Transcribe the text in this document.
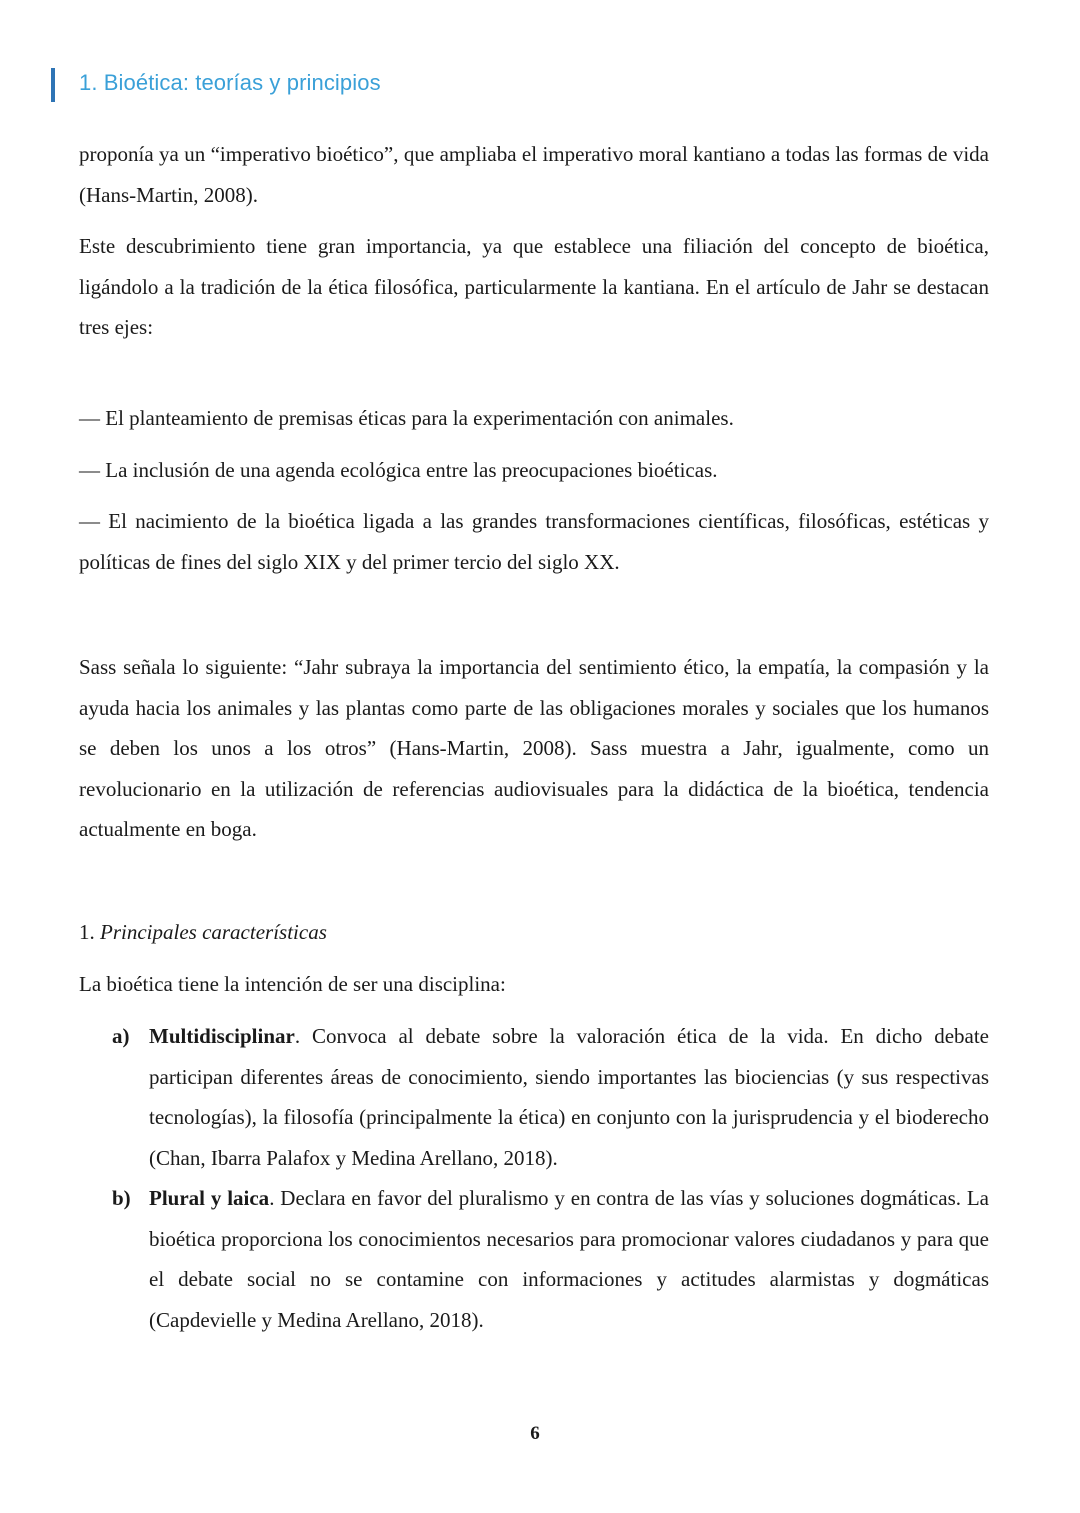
1. Bioética: teorías y principios

proponía ya un “imperativo bioético”, que ampliaba el imperativo moral kantiano a todas las formas de vida (Hans-Martin, 2008).

Este descubrimiento tiene gran importancia, ya que establece una filiación del concepto de bioética, ligándolo a la tradición de la ética filosófica, particularmente la kantiana. En el artículo de Jahr se destacan tres ejes:

— El planteamiento de premisas éticas para la experimentación con animales.

— La inclusión de una agenda ecológica entre las preocupaciones bioéticas.

— El nacimiento de la bioética ligada a las grandes transformaciones científicas, filosóficas, estéticas y políticas de fines del siglo XIX y del primer tercio del siglo XX.

Sass señala lo siguiente: “Jahr subraya la importancia del sentimiento ético, la empatía, la compasión y la ayuda hacia los animales y las plantas como parte de las obligaciones morales y sociales que los humanos se deben los unos a los otros” (Hans-Martin, 2008). Sass muestra a Jahr, igualmente, como un revolucionario en la utilización de referencias audiovisuales para la didáctica de la bioética, tendencia actualmente en boga.

1. Principales características

La bioética tiene la intención de ser una disciplina:

a) Multidisciplinar. Convoca al debate sobre la valoración ética de la vida. En dicho debate participan diferentes áreas de conocimiento, siendo importantes las biociencias (y sus respectivas tecnologías), la filosofía (principalmente la ética) en conjunto con la jurisprudencia y el bioderecho (Chan, Ibarra Palafox y Medina Arellano, 2018).
b) Plural y laica. Declara en favor del pluralismo y en contra de las vías y soluciones dogmáticas. La bioética proporciona los conocimientos necesarios para promocionar valores ciudadanos y para que el debate social no se contamine con informaciones y actitudes alarmistas y dogmáticas (Capdevielle y Medina Arellano, 2018).
6
